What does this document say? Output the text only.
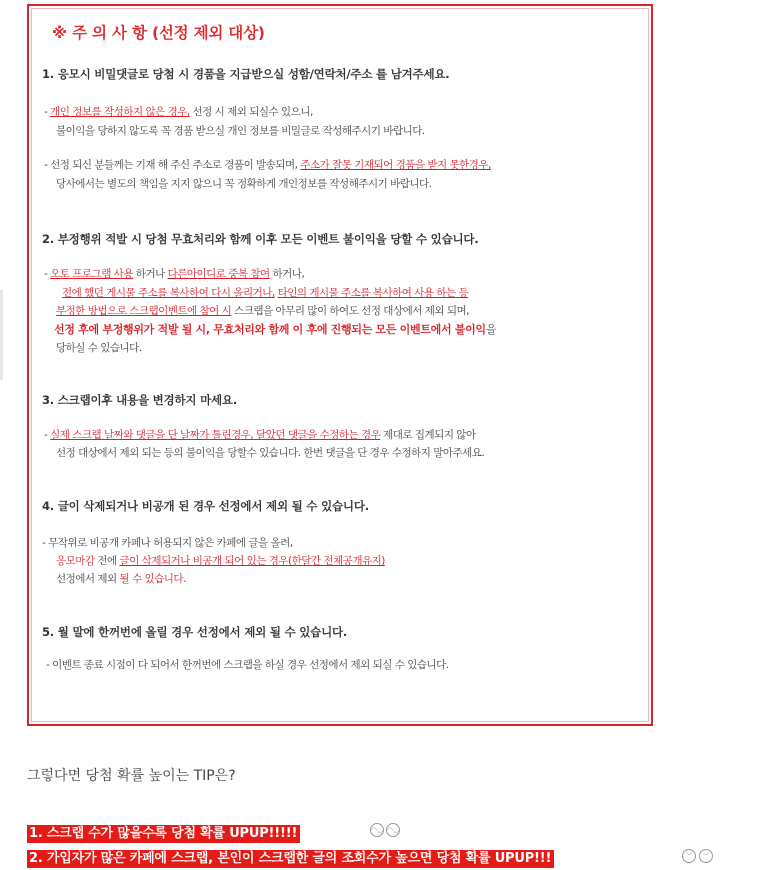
※ 주 의 사 항 (선정 제외 대상)
1. 응모시 비밀댓글로 당첨 시 경품을 지급받으실 성함/연락처/주소 를 남겨주세요.
- 개인 정보를 작성하지 않은 경우, 선정 시 제외 되실수 있으니,
불이익을 당하지 않도록 꼭 경품 받으실 개인 정보를 비밀글로 작성해주시기 바랍니다.
- 선정 되신 분들께는 기재 해 주신 주소로 경품이 발송되며, 주소가 잘못 기재되어 경품을 받지 못한경우,
당사에서는 별도의 책임을 지지 않으니 꼭 정확하게 개인정보를 작성해주시기 바랍니다.
2. 부정행위 적발 시 당첨 무효처리와 함께 이후 모든 이벤트 불이익을 당할 수 있습니다.
- 오토 프로그램 사용 하거나 다른아이디로 중복 참여 하거나,
전에 했던 게시물 주소를 복사하여 다시 올리거나, 타인의 게시물 주소를 복사하여 사용 하는 등
부정한 방법으로 스크랩이벤트에 참여 시 스크랩을 아무리 많이 하여도 선정 대상에서 제외 되며,
선정 후에 부정행위가 적발 될 시, 무효처리와 함께 이 후에 진행되는 모든 이벤트에서 불이익을
당하실 수 있습니다.
3. 스크랩이후 내용을 변경하지 마세요.
- 실제 스크랩 날짜와 댓글을 단 날짜가 틀린경우, 달았던 댓글을 수정하는 경우 제대로 집계되지 않아
선정 대상에서 제외 되는 등의 불이익을 당할수 있습니다. 한번 댓글을 단 경우 수정하지 말아주세요.
4. 글이 삭제되거나 비공개 된 경우 선정에서 제외 될 수 있습니다.
- 무작위로 비공개 카페나 허용되지 않은 카페에 글을 올려,
응모마감 전에 글이 삭제되거나 비공개 되어 있는 경우(한달간 전체공개유지)
선정에서 제외 될 수 있습니다.
5. 월 말에 한꺼번에 올릴 경우 선정에서 제외 될 수 있습니다.
- 이벤트 종료 시점이 다 되어서 한꺼번에 스크랩을 하실 경우 선정에서 제외 되실 수 있습니다.
그렇다면 당첨 확률 높이는 TIP은?
1. 스크랩 수가 많을수록 당첨 확률 UPUP!!!!!	◠◡ ◠◡
2. 가입자가 많은 카페에 스크랩, 본인이 스크랩한 글의 조회수가 높으면 당첨 확률 UPUP!!!	︶	︶
